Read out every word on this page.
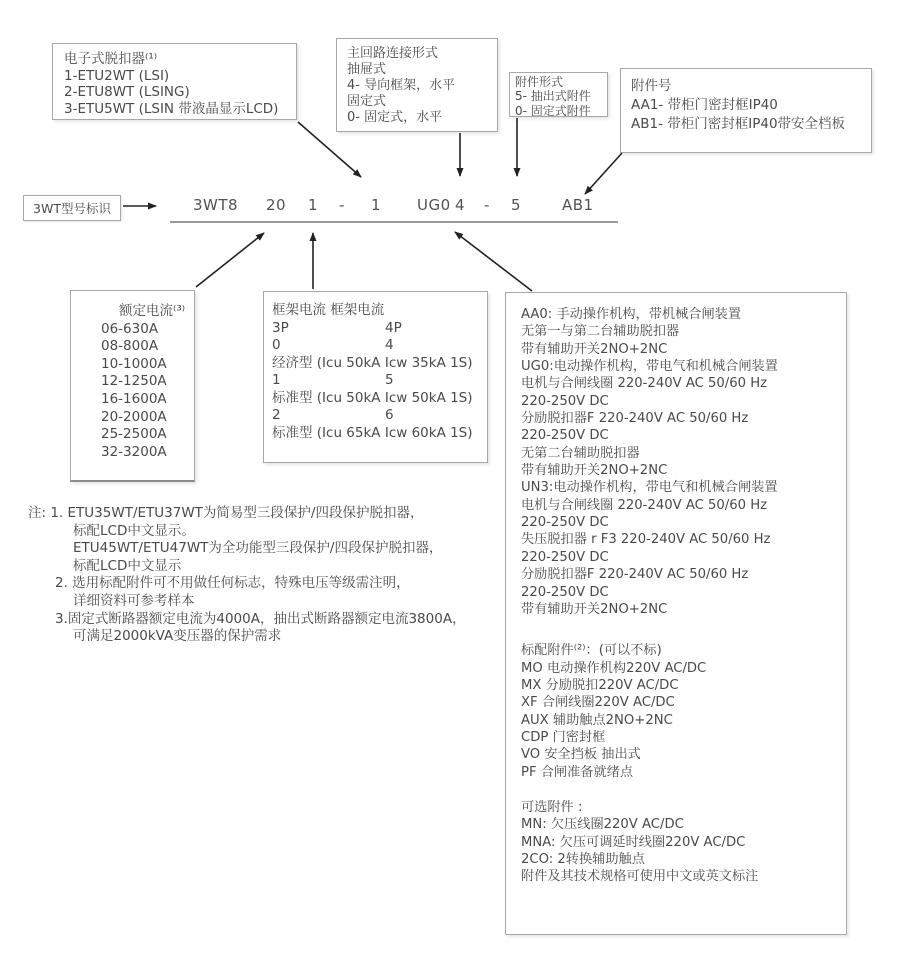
电子式脱扣器⁽¹⁾
1-ETU2WT (LSI)
2-ETU8WT (LSING)
3-ETU5WT (LSIN 带液晶显示LCD)
主回路连接形式
抽屉式
4- 导向框架，水平
固定式
0- 固定式，水平
附件形式
5- 抽出式附件
0- 固定式附件
附件号
AA1- 带柜门密封框IP40
AB1- 带柜门密封框IP40带安全档板
3WT型号标识	3WT8 20 1 - 1 UG0 4 - 5	AB1
额定电流⁽³⁾
06-630A
08-800A
10-1000A
12-1250A
16-1600A
20-2000A
25-2500A
32-3200A
框架电流 框架电流
3P	4P
0	4
经济型 (Icu 50kA Icw 35kA 1S)
1	5
标准型 (Icu 50kA Icw 50kA 1S)
2	6
标准型 (Icu 65kA Icw 60kA 1S)
AA0: 手动操作机构，带机械合闸装置
无第一与第二台辅助脱扣器
带有辅助开关2NO+2NC
UG0:电动操作机构，带电气和机械合闸装置
电机与合闸线圈 220-240V AC 50/60 Hz
220-250V DC
分励脱扣器F 220-240V AC 50/60 Hz
220-250V DC
无第二台辅助脱扣器
带有辅助开关2NO+2NC
UN3:电动操作机构，带电气和机械合闸装置
电机与合闸线圈 220-240V AC 50/60 Hz
220-250V DC
失压脱扣器 r F3 220-240V AC 50/60 Hz
220-250V DC
分励脱扣器F 220-240V AC 50/60 Hz
220-250V DC
带有辅助开关2NO+2NC
标配附件⁽²⁾：(可以不标)
MO 电动操作机构220V AC/DC
MX 分励脱扣220V AC/DC
XF 合闸线圈220V AC/DC
AUX 辅助触点2NO+2NC
CDP 门密封框
VO 安全挡板 抽出式
PF 合闸准备就绪点
可选附件 :
MN: 欠压线圈220V AC/DC
MNA: 欠压可调延时线圈220V AC/DC
2CO: 2转换辅助触点
附件及其技术规格可使用中文或英文标注
注: 1. ETU35WT/ETU37WT为简易型三段保护/四段保护脱扣器，
标配LCD中文显示。
ETU45WT/ETU47WT为全功能型三段保护/四段保护脱扣器，
标配LCD中文显示
2. 选用标配附件可不用做任何标志，特殊电压等级需注明，
详细资料可参考样本
3.固定式断路器额定电流为4000A，抽出式断路器额定电流3800A，
可满足2000kVA变压器的保护需求
